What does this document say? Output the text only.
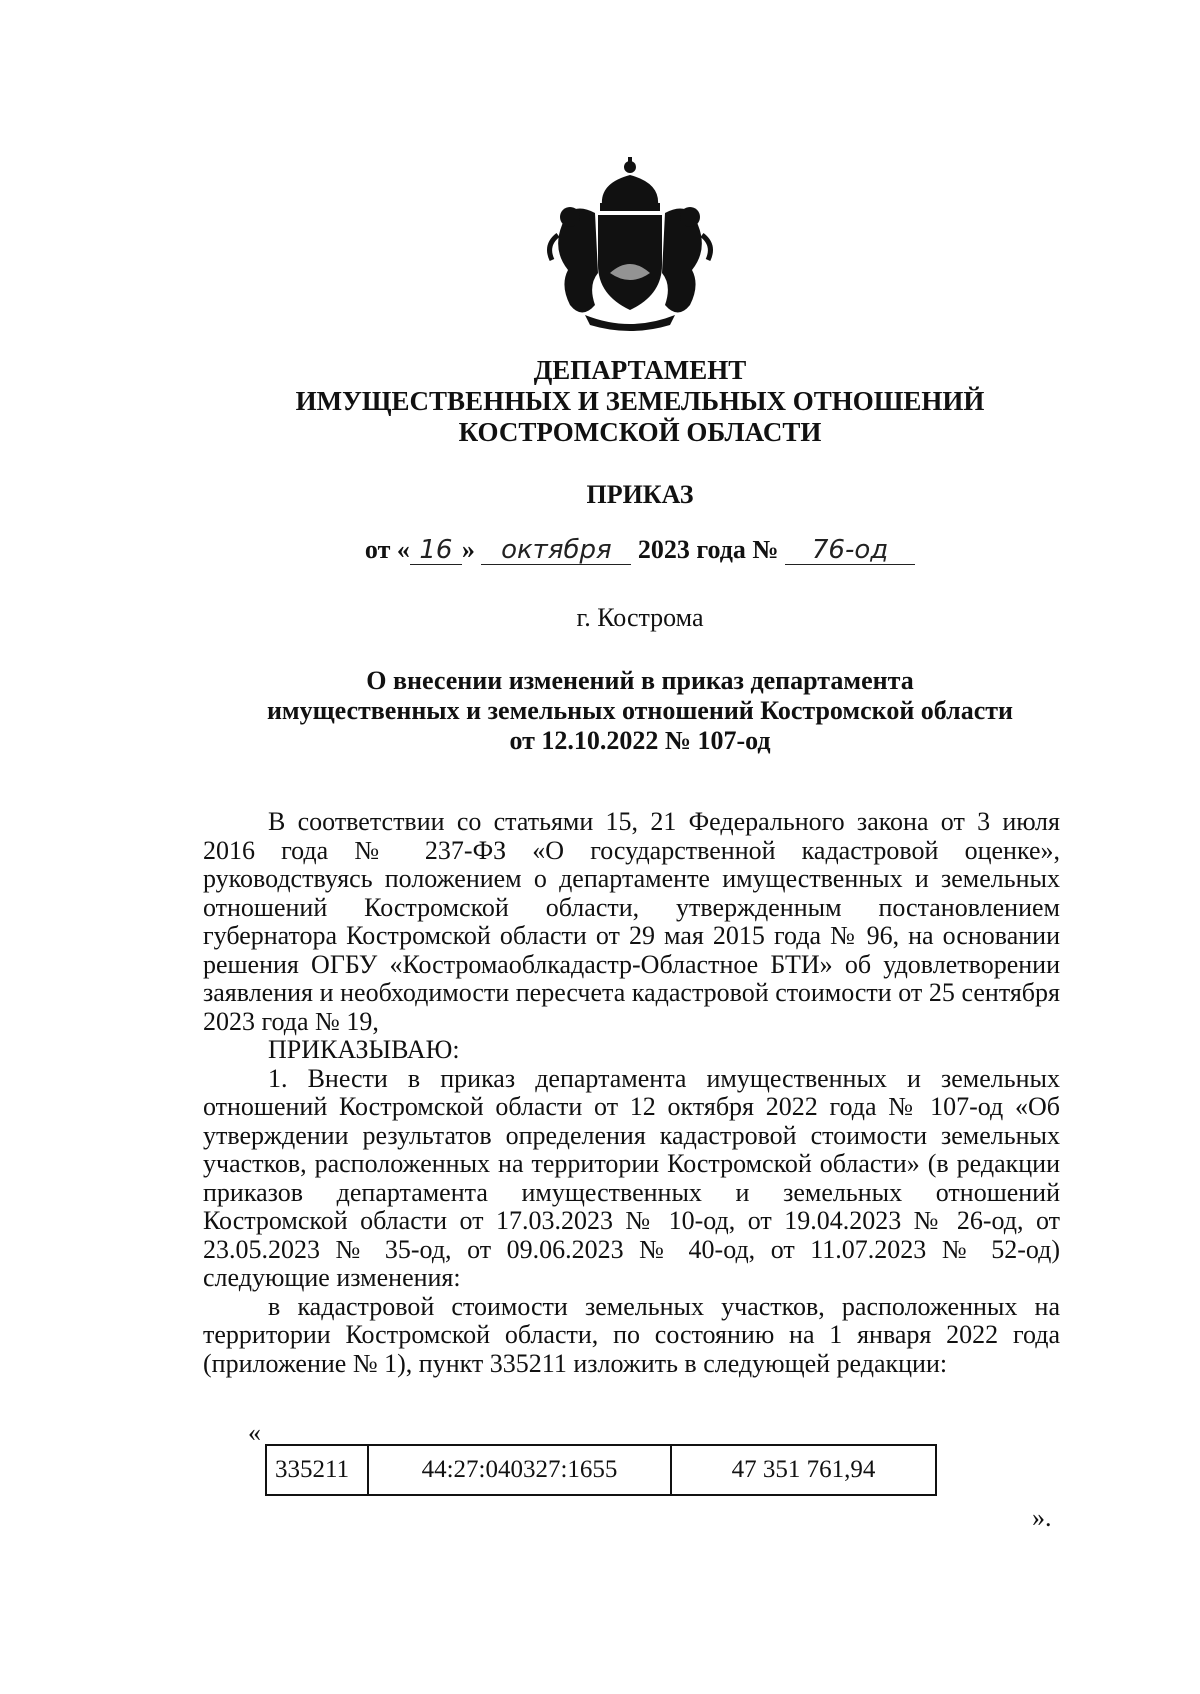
ДЕПАРТАМЕНТ
ИМУЩЕСТВЕННЫХ И ЗЕМЕЛЬНЫХ ОТНОШЕНИЙ
КОСТРОМСКОЙ ОБЛАСТИ
ПРИКАЗ
от « 16 » октября 2023 года № 76-од
г. Кострома
О внесении изменений в приказ департамента
имущественных и земельных отношений Костромской области
от 12.10.2022 № 107-од

В соответствии со статьями 15, 21 Федерального закона от 3 июля 2016 года № 237-ФЗ «О государственной кадастровой оценке», руководствуясь положением о департаменте имущественных и земельных отношений Костромской области, утвержденным постановлением губернатора Костромской области от 29 мая 2015 года № 96, на основании решения ОГБУ «Костромаоблкадастр-Областное БТИ» об удовлетворении заявления и необходимости пересчета кадастровой стоимости от 25 сентября 2023 года № 19,

ПРИКАЗЫВАЮ:

1. Внести в приказ департамента имущественных и земельных отношений Костромской области от 12 октября 2022 года № 107-од «Об утверждении результатов определения кадастровой стоимости земельных участков, расположенных на территории Костромской области» (в редакции приказов департамента имущественных и земельных отношений Костромской области от 17.03.2023 № 10-од, от 19.04.2023 № 26-од, от 23.05.2023 № 35-од, от 09.06.2023 № 40-од, от 11.07.2023 № 52-од) следующие изменения:

в кадастровой стоимости земельных участков, расположенных на территории Костромской области, по состоянию на 1 января 2022 года (приложение № 1), пункт 335211 изложить в следующей редакции:

«
335211	44:27:040327:1655	47 351 761,94
».
